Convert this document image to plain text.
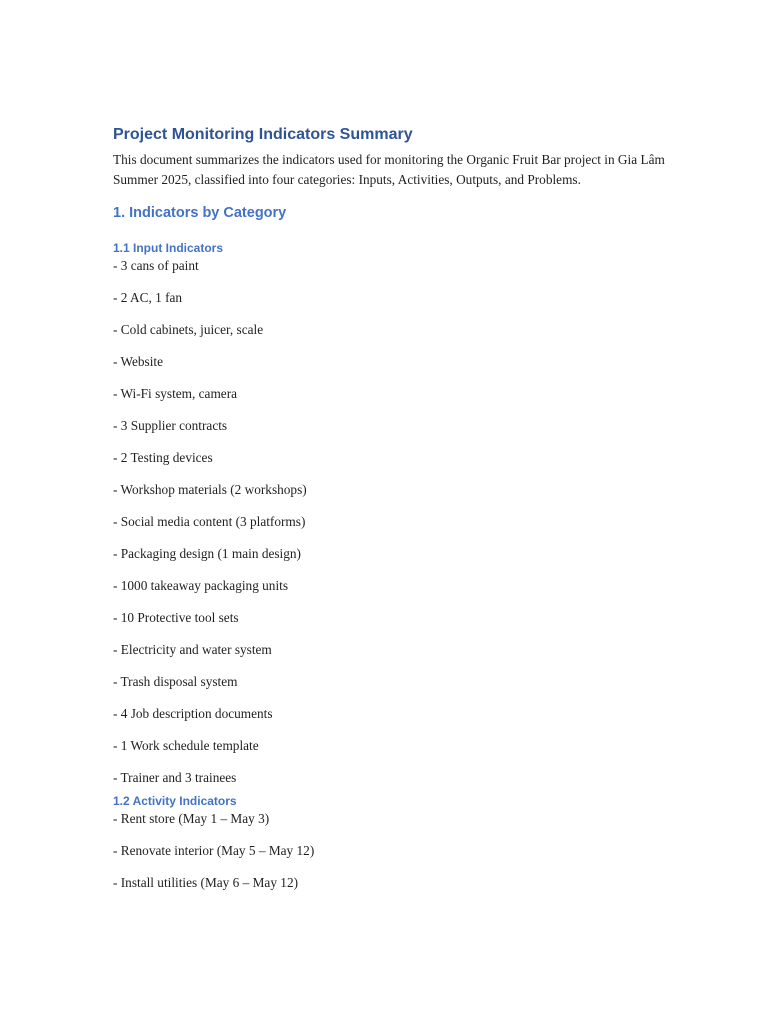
Project Monitoring Indicators Summary

This document summarizes the indicators used for monitoring the Organic Fruit Bar project in Gia Lâm Summer 2025, classified into four categories: Inputs, Activities, Outputs, and Problems.

1. Indicators by Category
1.1 Input Indicators
- 3 cans of paint
- 2 AC, 1 fan
- Cold cabinets, juicer, scale
- Website
- Wi-Fi system, camera
- 3 Supplier contracts
- 2 Testing devices
- Workshop materials (2 workshops)
- Social media content (3 platforms)
- Packaging design (1 main design)
- 1000 takeaway packaging units
- 10 Protective tool sets
- Electricity and water system
- Trash disposal system
- 4 Job description documents
- 1 Work schedule template
- Trainer and 3 trainees
1.2 Activity Indicators
- Rent store (May 1 – May 3)
- Renovate interior (May 5 – May 12)
- Install utilities (May 6 – May 12)
